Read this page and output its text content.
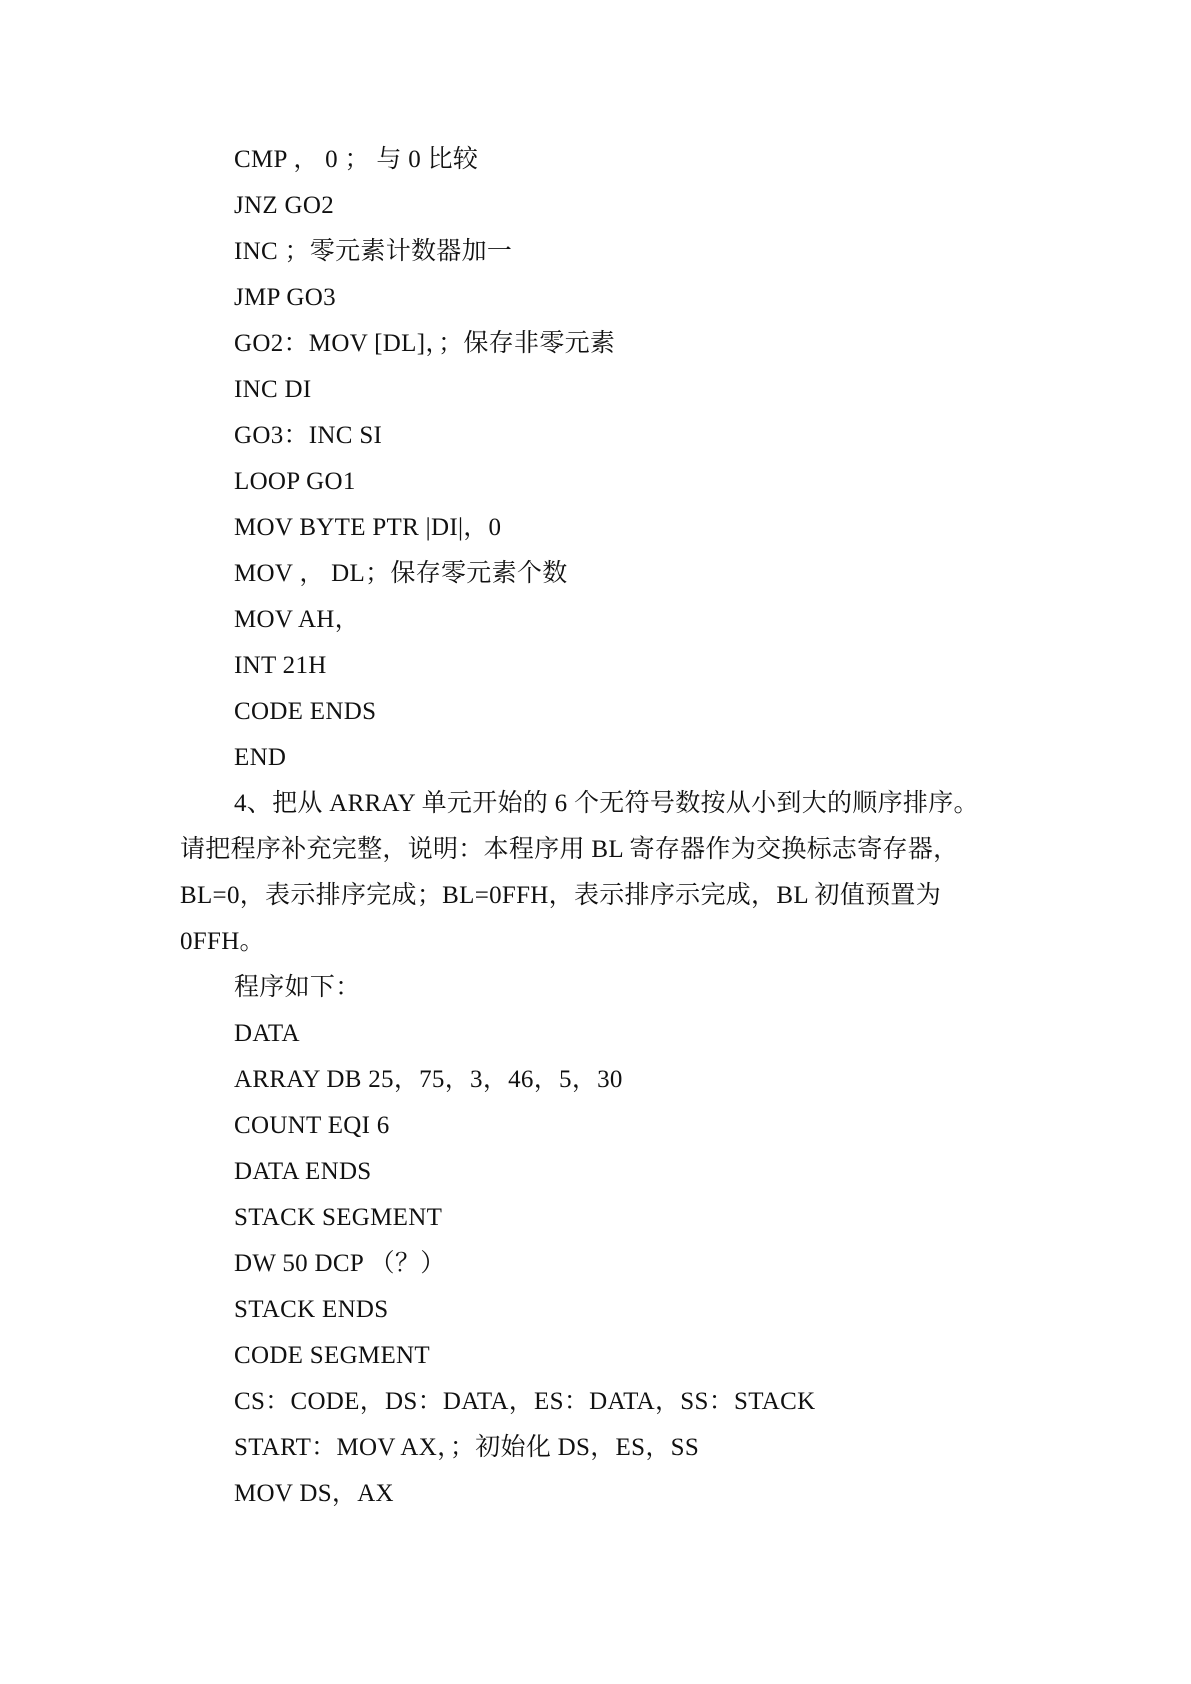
CMP ， 0 ； 与 0 比较
JNZ GO2
INC ；零元素计数器加一
JMP GO3
GO2：MOV [DL]，；保存非零元素
INC DI
GO3：INC SI
LOOP GO1
MOV BYTE PTR |DI|，0
MOV ， DL；保存零元素个数
MOV AH，
INT 21H
CODE ENDS
END
4、把从 ARRAY 单元开始的 6 个无符号数按从小到大的顺序排序。
请把程序补充完整，说明：本程序用 BL 寄存器作为交换标志寄存器，
BL=0，表示排序完成；BL=0FFH，表示排序示完成，BL 初值预置为
0FFH。
程序如下：
DATA
ARRAY DB 25，75，3，46，5，30
COUNT EQI 6
DATA ENDS
STACK SEGMENT
DW 50 DCP （？）
STACK ENDS
CODE SEGMENT
CS：CODE，DS：DATA，ES：DATA，SS：STACK
START：MOV AX，；初始化 DS，ES，SS
MOV DS，AX
